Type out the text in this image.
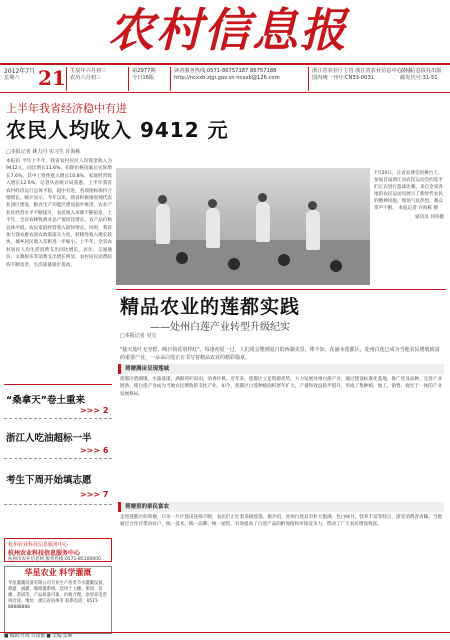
农村信息报
2012年7月
星期六 21 壬辰年六月初三
农历六月初三
第2977期
今日16版
读者服务热线:0571-86757187 86757188
http://ncxxb.zjgi.gov.cn ncxxb@126.com
浙江省农业厅主管 浙江省农业信息中心主办
国内统一刊号:CN33-0031
农村信息报社出版
邮发代号:31-51
上半年我省经济稳中有进
农民人均收入 9412 元
□本报记者 姚力丹 实习生 许海栋
本报讯 今年上半年，我省农村居民人均现金收入为9412元，同比增长11.6%，扣除价格因素后实际增长7.6%。其中工资性收入增长10.8%，家庭经营收入增长12.6%。记者从省统计局获悉，上半年我省农村经济运行总体平稳，稳中有进，各项指标保持合理增长。统计显示，今年以来，我省积极推进现代农业园区建设，粮食生产功能区建设稳步推进，农业产业化经营水平不断提升，农民收入来源不断拓宽。上半年，全省农林牧渔业总产值同比增长，农产品价格总体平稳，农民家庭经营收入较快增长。同时，我省加大强农惠农富农政策落实力度，转移性收入增长较快，城乡居民收入差距进一步缩小。上半年，全省农村居民人均生活消费支出同比增长，居住、交通通信、文教娱乐等消费支出增长明显，农村居民消费结构不断改善，生活质量稳步提高。
7月20日，在省农博会的舞台上，参加首届浙江省农民运动会的选手们正在进行篮球比赛。来自全省各地的农民运动员展示了新时代农民的精神风貌，现场气氛热烈，观众掌声不断。 本报记者 许海栋 摄
通讯员 何涛摄
精品农业的莲都实践
——处州白莲产业转型升级纪实
□本报记者 吴宝
"接天莲叶无穷碧，映日荷花别样红"。每逢初夏一过，人们常会想到夏日的西湖美景。殊不知，在丽水莲都区，处州白莲已成为当地农民增收致富的重要产业，一朵朵白莲正在书写着精品农业的精彩篇章。
荷塘满亩呈现莲城
莲都区碧湖镇，水波荡漾，满眼荷叶田田，清香扑鼻。近年来，莲都区立足资源优势，大力发展处州白莲产业，通过建设标准化基地、推广优良品种、完善产业链条，使白莲产业成为当地农民增收的支柱产业。如今，莲都区白莲种植面积逐年扩大，产量和效益稳步提升，形成了集种植、加工、销售、观光于一体的产业发展格局。
荷塘里的泰民富农
走进莲都区的荷塘，只见一片片莲田连绵不断，农民们正忙着采摘莲蓬。据介绍，处州白莲具有粒大饱满、色白味甘、营养丰富等特点，深受消费者青睐。当地通过合作社带动农户，统一技术、统一品牌、统一销售，有效提高了白莲产品的附加值和市场竞争力，带动了广大农民增收致富。
“桑拿天”卷土重来
>>> 2
浙江人吃油超标一半
>>> 6
考生下周开始填志愿
>>> 7
杭州农业科技信息服务中心
杭州农业科技信息服务中心
杭州市农业信息网 服务热线:0571-85100000
华星农业 科学灌溉
华星灌溉设备有限公司专业生产各类节水灌溉设备，喷灌、滴灌、微喷灌系统，适用于大棚、果园、苗圃、茶园等。产品质量可靠，价格合理，欢迎来电咨询洽谈。地址：浙江省杭州市 联系电话：0571-88888888
■ 编辑:叶海 许雨薇 ■ 美编:张琳
